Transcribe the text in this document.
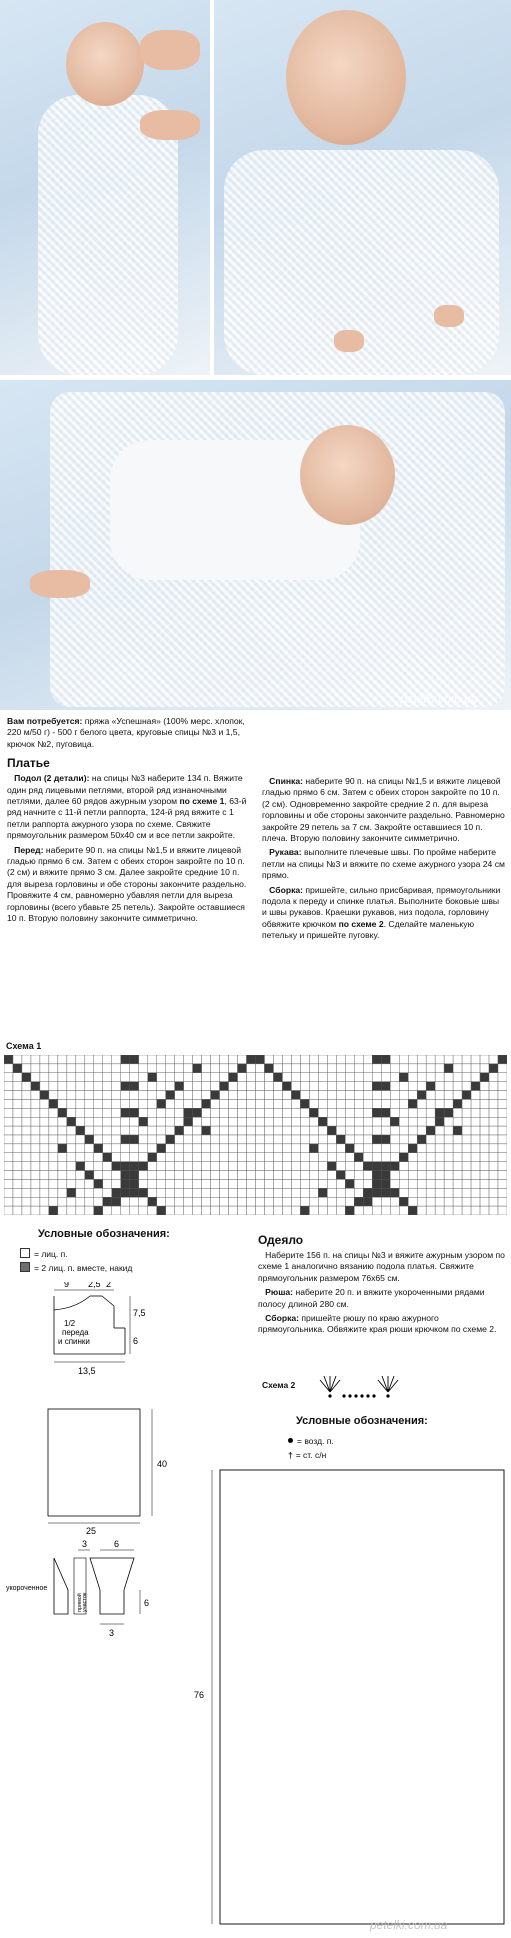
petelki.com.ua

Вам потребуется: пряжа «Успешная» (100% мерс. хлопок, 220 м/50 г) - 500 г белого цвета, круговые спицы №3 и 1,5, крючок №2, пуговица.

Платье

Подол (2 детали): на спицы №3 наберите 134 п. Вяжите один ряд лицевыми петлями, второй ряд изнаночными петлями, далее 60 рядов ажурным узором по схеме 1, 63-й ряд начните с 11-й петли раппорта, 124-й ряд вяжите с 1 петли раппорта ажурного узора по схеме. Свяжите прямоугольник размером 50х40 см и все петли закройте.

Перед: наберите 90 п. на спицы №1,5 и вяжите лицевой гладью прямо 6 см. Затем с обеих сторон закройте по 10 п. (2 см) и вяжите прямо 3 см. Далее закройте средние 10 п. для выреза горловины и обе стороны закончите раздельно. Провяжите 4 см, равномерно убавляя петли для выреза горловины (всего убавьте 25 петель). Закройте оставшиеся 10 п. Вторую половину закончите симметрично.

Спинка: наберите 90 п. на спицы №1,5 и вяжите лицевой гладью прямо 6 см. Затем с обеих сторон закройте по 10 п. (2 см). Одновременно закройте средние 2 п. для выреза горловины и обе стороны закончите раздельно. Равномерно закройте 29 петель за 7 см. Закройте оставшиеся 10 п. плеча. Вторую половину закончите симметрично.

Рукава: выполните плечевые швы. По пройме наберите петли на спицы №3 и вяжите по схеме ажурного узора 24 см прямо.

Сборка: пришейте, сильно присбаривая, прямоугольники подола к переду и спинке платья. Выполните боковые швы и швы рукавов. Краешки рукавов, низ подола, горловину обвяжите крючком по схеме 2. Сделайте маленькую петельку и пришейте пуговку.

Схема 1
Условные обозначения:
= лиц. п.
= 2 лиц. п. вместе, накид
9 2,5 2
7,5
6
13,5
1/2
переда
и спинки
40
25
3	6
6
3
укороченное
прямой участок
Одеяло

Наберите 156 п. на спицы №3 и вяжите ажурным узором по схеме 1 аналогично вязанию подола платья. Свяжите прямоугольник размером 76х65 см.

Рюша: наберите 20 п. и вяжите укороченными рядами полосу длиной 280 см.

Сборка: пришейте рюшу по краю ажурного прямоугольника. Обвяжите края рюши крючком по схеме 2.

Схема 2
Условные обозначения:
= возд. п.
† = ст. с/н
76
petelki.com.ua
